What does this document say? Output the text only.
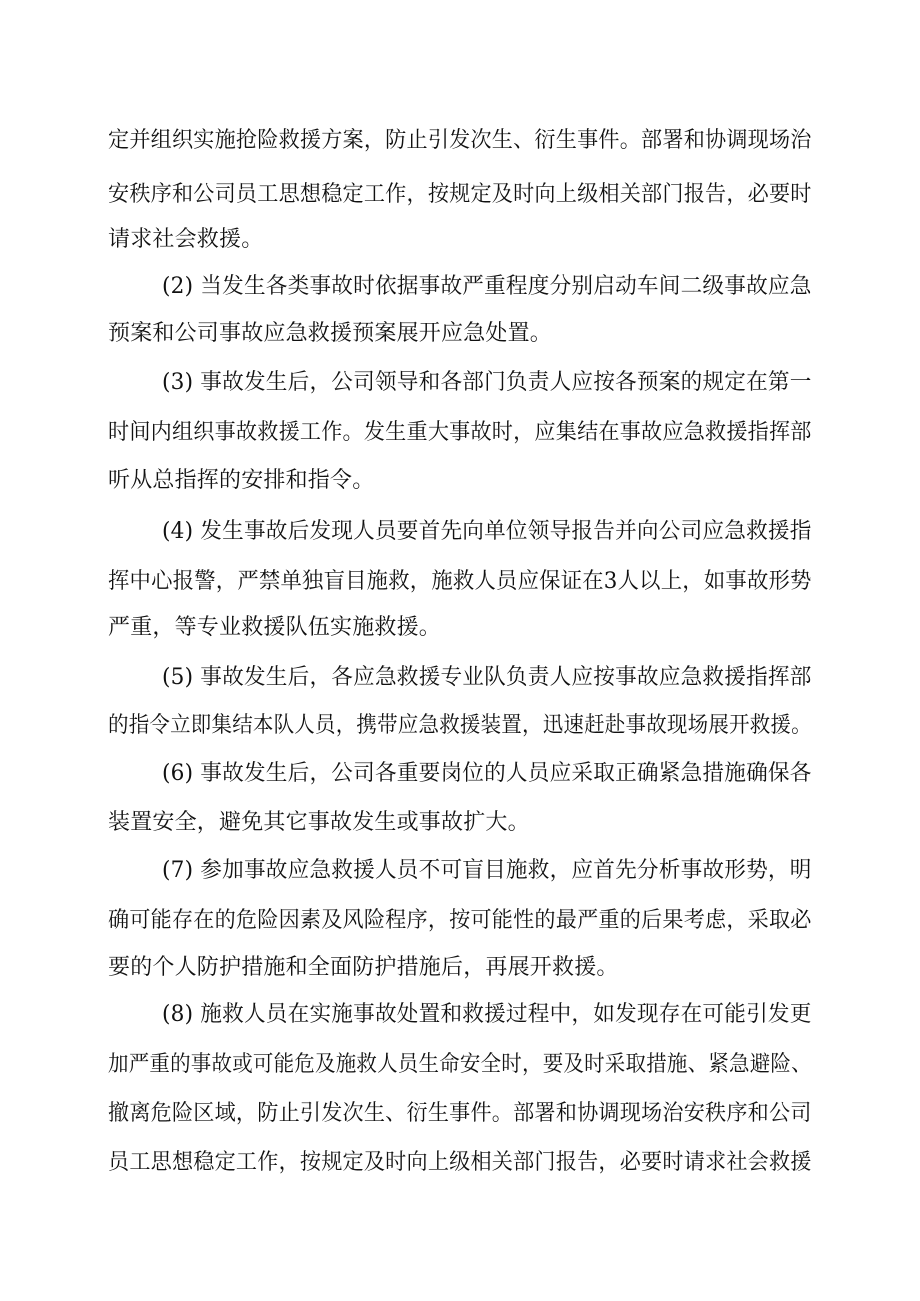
定并组织实施抢险救援方案，防止引发次生、衍生事件。部署和协调现场治
安秩序和公司员工思想稳定工作，按规定及时向上级相关部门报告，必要时
请求社会救援。
(2) 当发生各类事故时依据事故严重程度分别启动车间二级事故应急
预案和公司事故应急救援预案展开应急处置。
(3) 事故发生后，公司领导和各部门负责人应按各预案的规定在第一
时间内组织事故救援工作。发生重大事故时，应集结在事故应急救援指挥部
听从总指挥的安排和指令。
(4) 发生事故后发现人员要首先向单位领导报告并向公司应急救援指
挥中心报警，严禁单独盲目施救，施救人员应保证在3人以上，如事故形势
严重，等专业救援队伍实施救援。
(5) 事故发生后，各应急救援专业队负责人应按事故应急救援指挥部
的指令立即集结本队人员，携带应急救援装置，迅速赶赴事故现场展开救援。
(6) 事故发生后，公司各重要岗位的人员应采取正确紧急措施确保各
装置安全，避免其它事故发生或事故扩大。
(7) 参加事故应急救援人员不可盲目施救，应首先分析事故形势，明
确可能存在的危险因素及风险程序，按可能性的最严重的后果考虑，采取必
要的个人防护措施和全面防护措施后，再展开救援。
(8) 施救人员在实施事故处置和救援过程中，如发现存在可能引发更
加严重的事故或可能危及施救人员生命安全时，要及时采取措施、紧急避险、
撤离危险区域，防止引发次生、衍生事件。部署和协调现场治安秩序和公司
员工思想稳定工作，按规定及时向上级相关部门报告，必要时请求社会救援
